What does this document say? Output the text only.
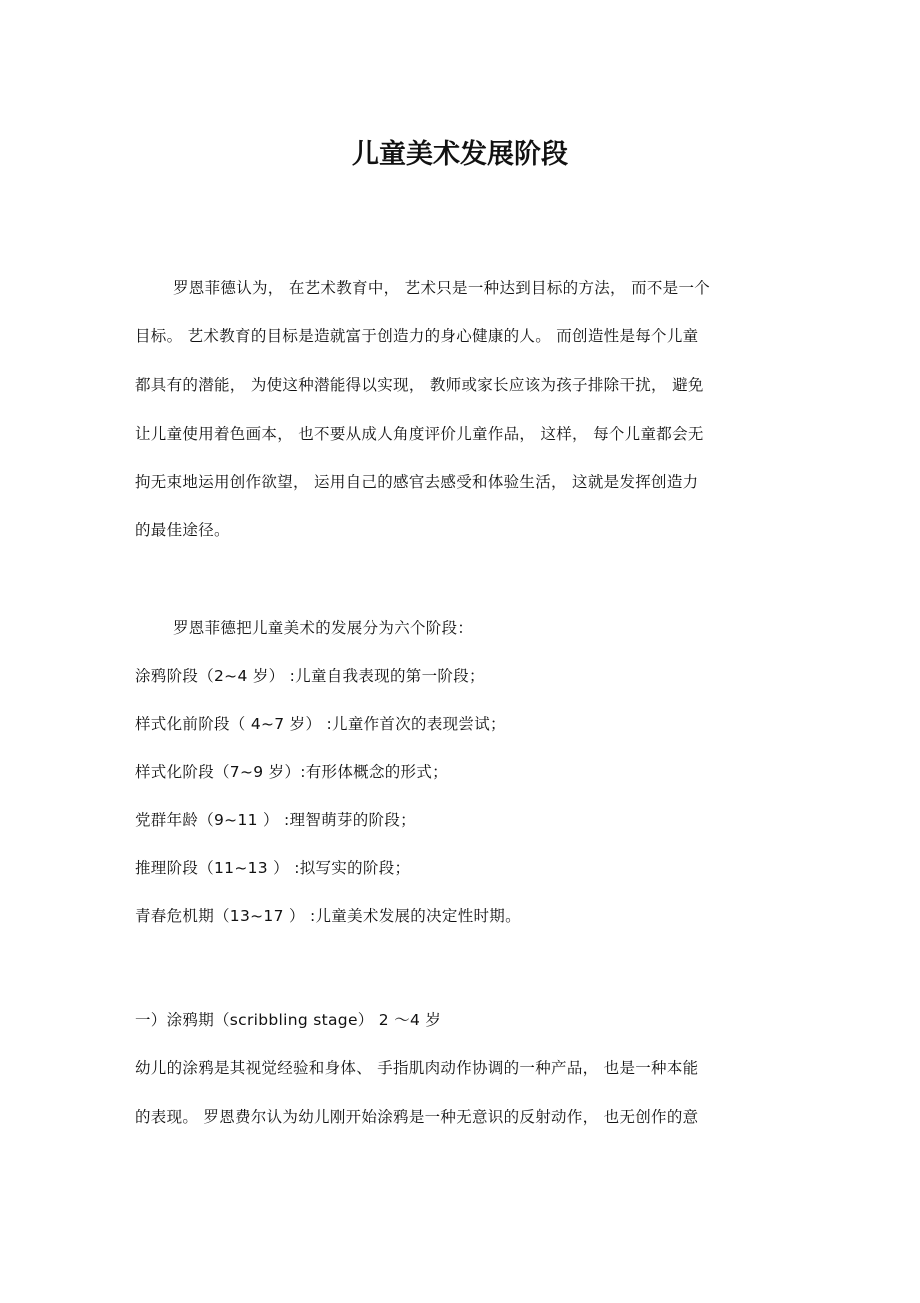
儿童美术发展阶段
罗恩菲德认为， 在艺术教育中， 艺术只是一种达到目标的方法， 而不是一个
目标。 艺术教育的目标是造就富于创造力的身心健康的人。 而创造性是每个儿童
都具有的潜能， 为使这种潜能得以实现， 教师或家长应该为孩子排除干扰， 避免
让儿童使用着色画本， 也不要从成人角度评价儿童作品， 这样， 每个儿童都会无
拘无束地运用创作欲望， 运用自己的感官去感受和体验生活， 这就是发挥创造力
的最佳途径。
罗恩菲德把儿童美术的发展分为六个阶段：
涂鸦阶段（2~4 岁） :儿童自我表现的第一阶段；
样式化前阶段（ 4~7 岁） :儿童作首次的表现尝试；
样式化阶段（7~9 岁）:有形体概念的形式；
党群年龄（9~11 ） :理智萌芽的阶段；
推理阶段（11~13 ） :拟写实的阶段；
青春危机期（13~17 ） :儿童美术发展的决定性时期。
一）涂鸦期（scribbling stage） 2 〜4 岁
幼儿的涂鸦是其视觉经验和身体、 手指肌肉动作协调的一种产品， 也是一种本能
的表现。 罗恩费尔认为幼儿刚开始涂鸦是一种无意识的反射动作， 也无创作的意
